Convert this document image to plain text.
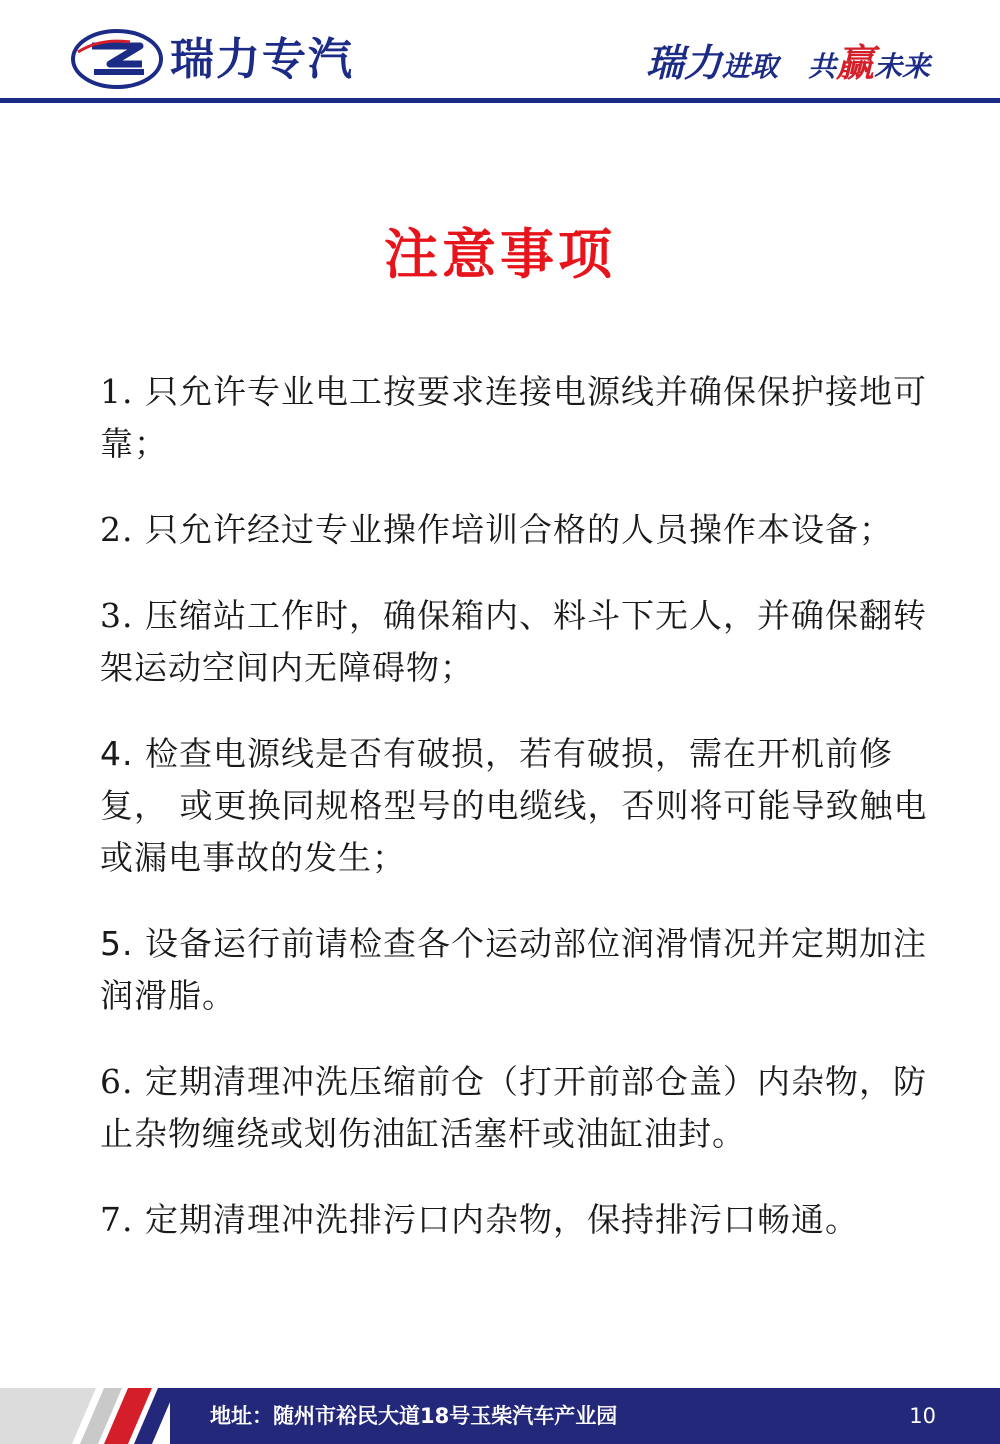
瑞力专汽	瑞力进取 共赢未来
注意事项

1. 只允许专业电工按要求连接电源线并确保保护接地可靠；

2. 只允许经过专业操作培训合格的人员操作本设备；

3. 压缩站工作时，确保箱内、料斗下无人，并确保翻转架运动空间内无障碍物；

4. 检查电源线是否有破损，若有破损，需在开机前修复， 或更换同规格型号的电缆线，否则将可能导致触电或漏电事故的发生；

5. 设备运行前请检查各个运动部位润滑情况并定期加注 润滑脂。

6. 定期清理冲洗压缩前仓（打开前部仓盖）内杂物，防 止杂物缠绕或划伤油缸活塞杆或油缸油封。

7. 定期清理冲洗排污口内杂物，保持排污口畅通。

地址：随州市裕民大道18号玉柴汽车产业园	10
